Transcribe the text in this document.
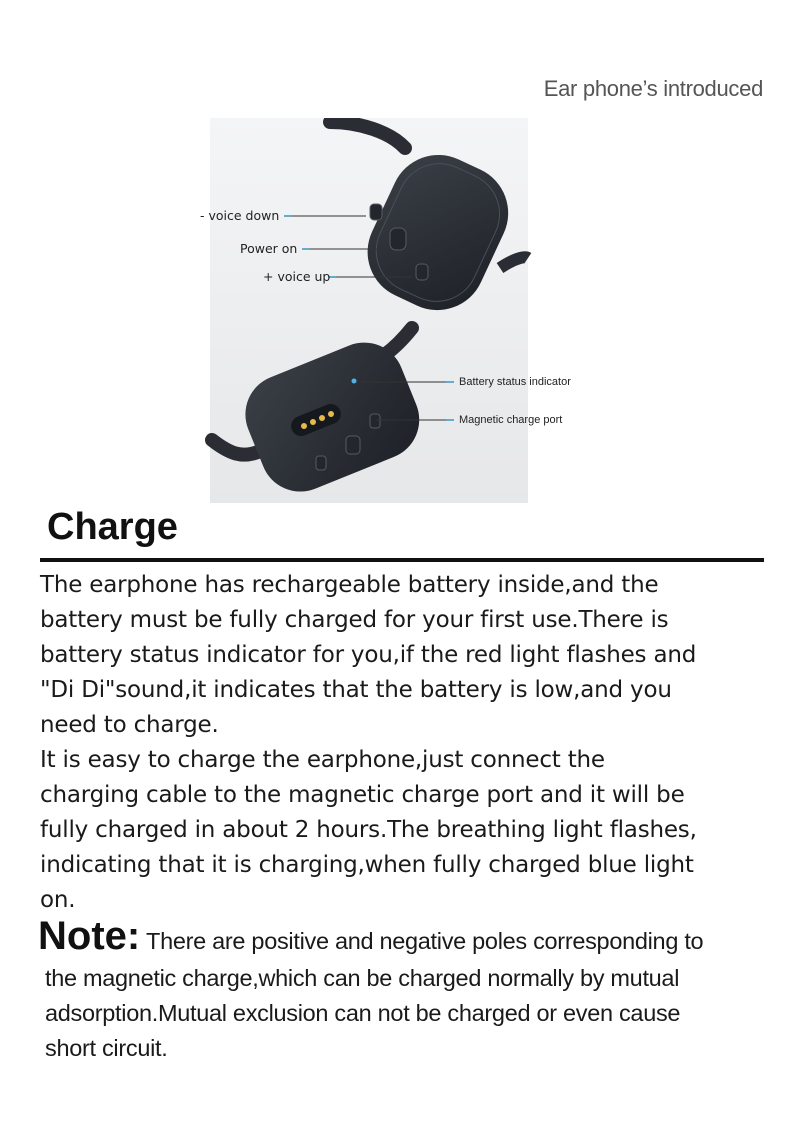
Ear phone’s introduced
- voice down
Power on
+ voice up
Battery status indicator
Magnetic charge port
Charge

The earphone has rechargeable battery inside,and the

battery must be fully charged for your first use.There is

battery status indicator for you,if the red light flashes and

"Di Di"sound,it indicates that the battery is low,and you

need to charge.

It is easy to charge the earphone,just connect the

charging cable to the magnetic charge port and it will be

fully charged in about 2 hours.The breathing light flashes,

indicating that it is charging,when fully charged blue light

on.

Note: There are positive and negative poles corresponding to

the magnetic charge,which can be charged normally by mutual

adsorption.Mutual exclusion can not be charged or even cause

short circuit.
